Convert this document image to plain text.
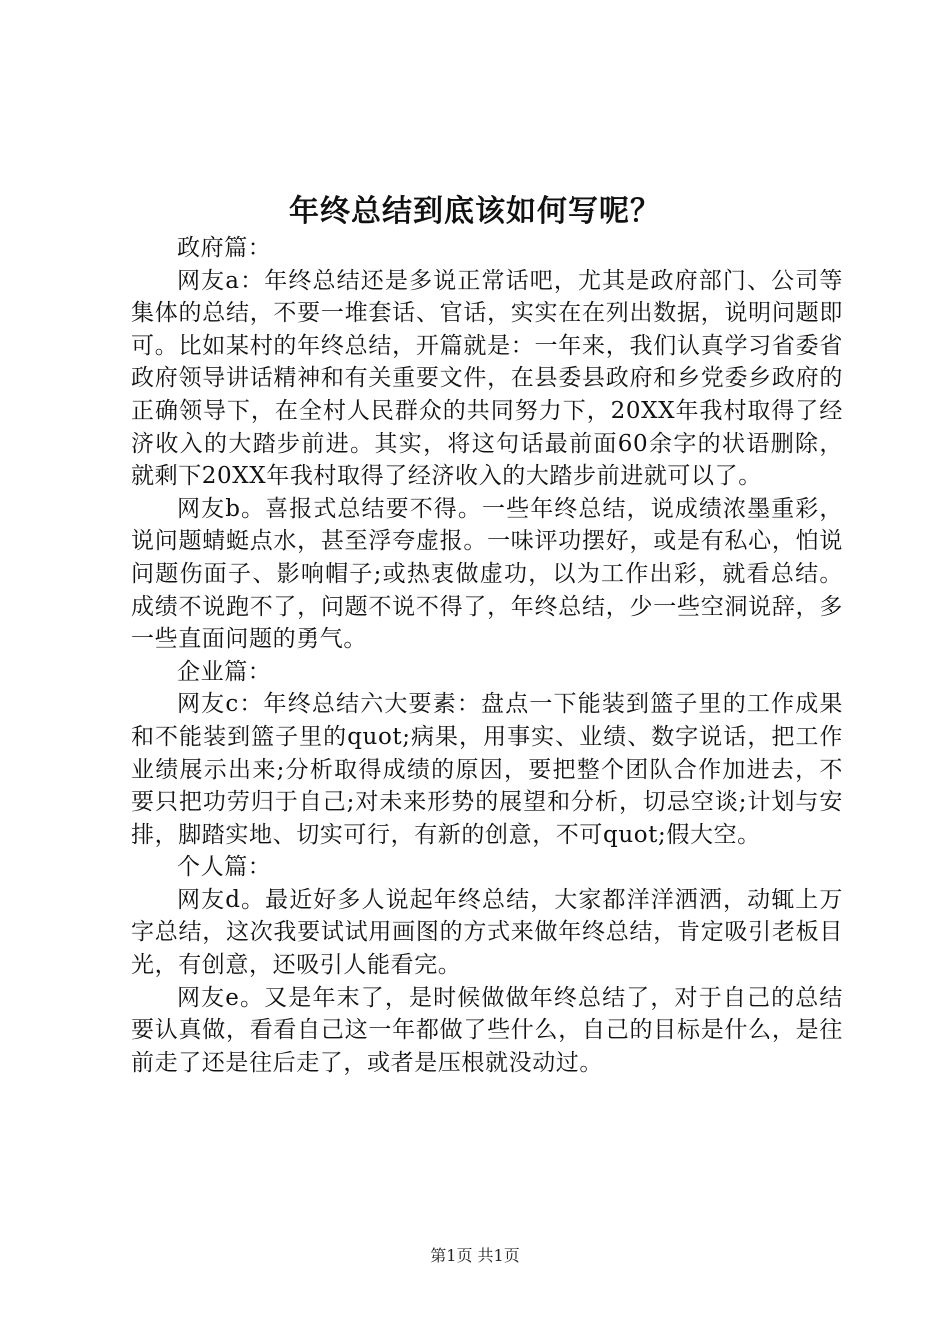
年终总结到底该如何写呢？

政府篇：

网友a：年终总结还是多说正常话吧，尤其是政府部门、公司等集体的总结，不要一堆套话、官话，实实在在列出数据，说明问题即可。比如某村的年终总结，开篇就是：一年来，我们认真学习省委省政府领导讲话精神和有关重要文件，在县委县政府和乡党委乡政府的正确领导下，在全村人民群众的共同努力下，20XX年我村取得了经济收入的大踏步前进。其实，将这句话最前面60余字的状语删除，就剩下20XX年我村取得了经济收入的大踏步前进就可以了。

网友b。喜报式总结要不得。一些年终总结，说成绩浓墨重彩，说问题蜻蜓点水，甚至浮夸虚报。一味评功摆好，或是有私心，怕说问题伤面子、影响帽子;或热衷做虚功，以为工作出彩，就看总结。成绩不说跑不了，问题不说不得了，年终总结，少一些空洞说辞，多一些直面问题的勇气。

企业篇：

网友c：年终总结六大要素：盘点一下能装到篮子里的工作成果和不能装到篮子里的quot;病果，用事实、业绩、数字说话，把工作业绩展示出来;分析取得成绩的原因，要把整个团队合作加进去，不要只把功劳归于自己;对未来形势的展望和分析，切忌空谈;计划与安排，脚踏实地、切实可行，有新的创意，不可quot;假大空。

个人篇：

网友d。最近好多人说起年终总结，大家都洋洋洒洒，动辄上万字总结，这次我要试试用画图的方式来做年终总结，肯定吸引老板目光，有创意，还吸引人能看完。

网友e。又是年末了，是时候做做年终总结了，对于自己的总结要认真做，看看自己这一年都做了些什么，自己的目标是什么，是往前走了还是往后走了，或者是压根就没动过。

第1页 共1页
